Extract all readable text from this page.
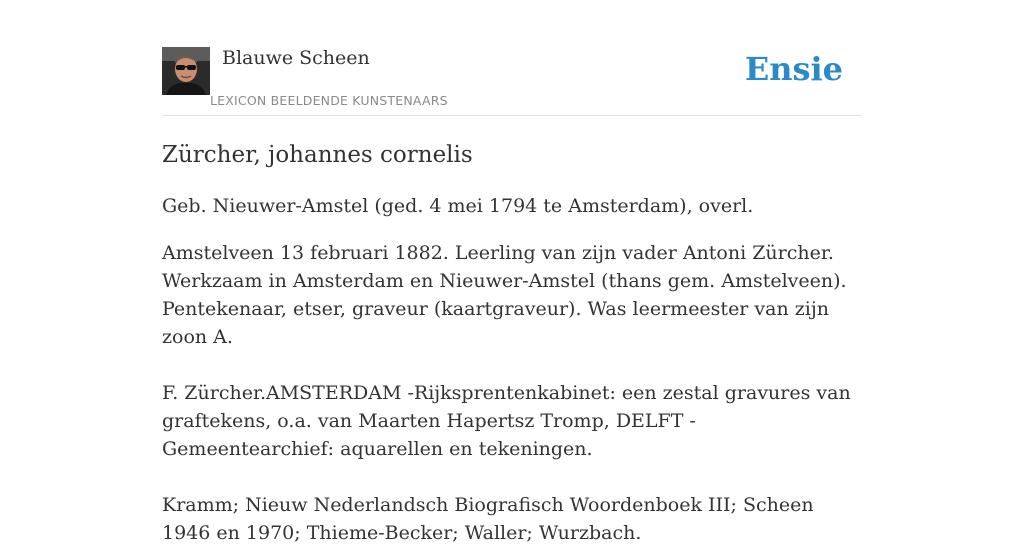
Blauwe Scheen
LEXICON BEELDENDE KUNSTENAARS
Ensie
Zürcher, johannes cornelis

Geb. Nieuwer-Amstel (ged. 4 mei 1794 te Amsterdam), overl.

Amstelveen 13 februari 1882. Leerling van zijn vader Antoni Zürcher. Werkzaam in Amsterdam en Nieuwer-Amstel (thans gem. Amstelveen). Pentekenaar, etser, graveur (kaartgraveur). Was leermeester van zijn zoon A.

F. Zürcher.AMSTERDAM -Rijksprentenkabinet: een zestal gravures van graftekens, o.a. van Maarten Hapertsz Tromp, DELFT -Gemeentearchief: aquarellen en tekeningen.

Kramm; Nieuw Nederlandsch Biografisch Woordenboek III; Scheen 1946 en 1970; Thieme-Becker; Waller; Wurzbach.
